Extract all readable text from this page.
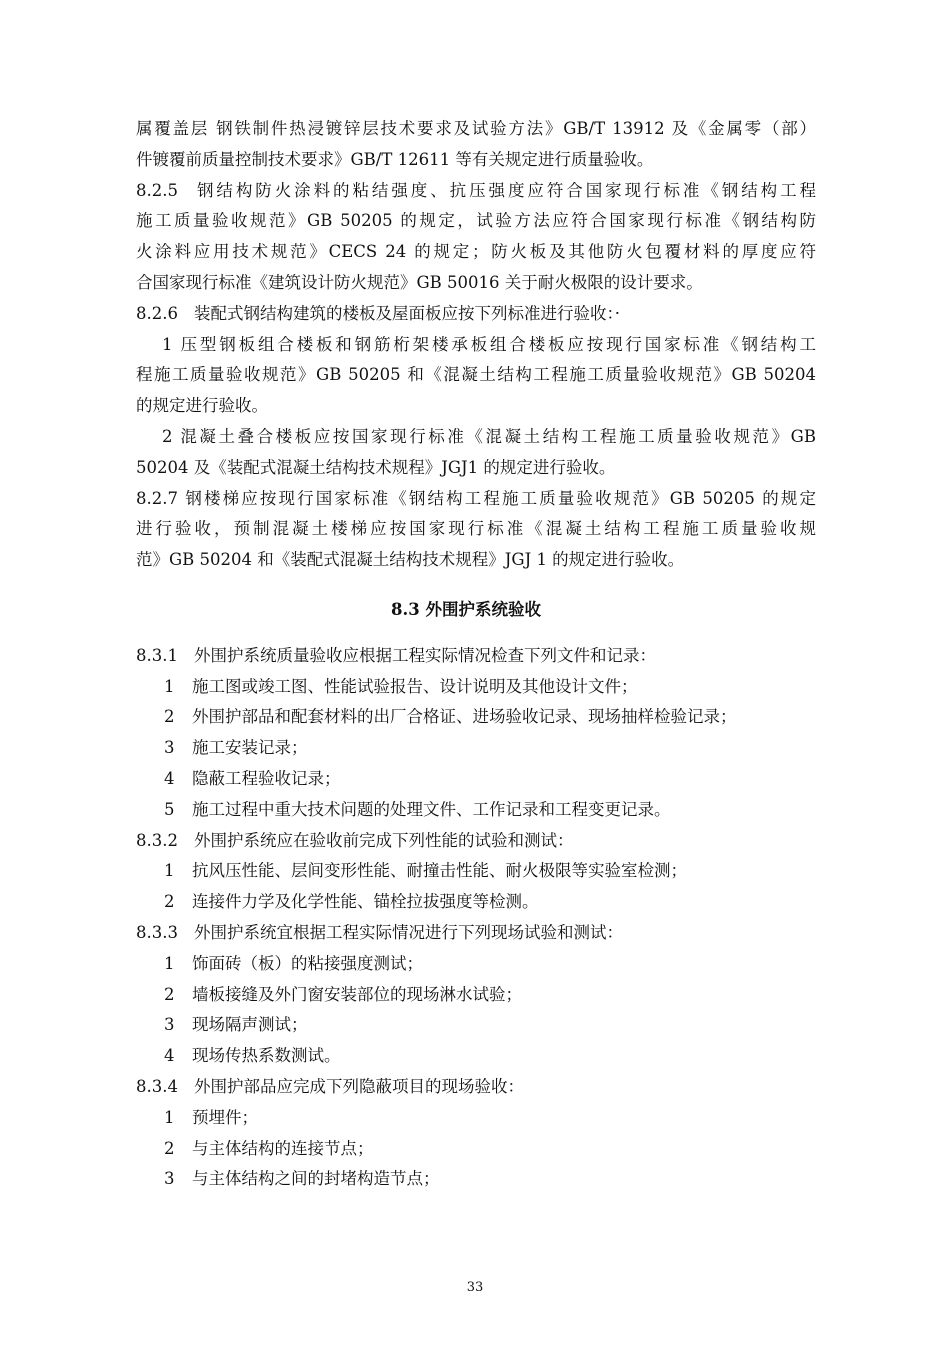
属覆盖层 钢铁制件热浸镀锌层技术要求及试验方法》GB/T 13912 及《金属零（部）
件镀覆前质量控制技术要求》GB/T 12611 等有关规定进行质量验收。
8.2.5 钢结构防火涂料的粘结强度、抗压强度应符合国家现行标准《钢结构工程
施工质量验收规范》GB 50205 的规定，试验方法应符合国家现行标准《钢结构防
火涂料应用技术规范》CECS 24 的规定；防火板及其他防火包覆材料的厚度应符
合国家现行标准《建筑设计防火规范》GB 50016 关于耐火极限的设计要求。
8.2.6 装配式钢结构建筑的楼板及屋面板应按下列标准进行验收：·
1 压型钢板组合楼板和钢筋桁架楼承板组合楼板应按现行国家标准《钢结构工
程施工质量验收规范》GB 50205 和《混凝土结构工程施工质量验收规范》GB 50204
的规定进行验收。
2 混凝土叠合楼板应按国家现行标准《混凝土结构工程施工质量验收规范》GB
50204 及《装配式混凝土结构技术规程》JGJ1 的规定进行验收。
8.2.7 钢楼梯应按现行国家标准《钢结构工程施工质量验收规范》GB 50205 的规定
进行验收，预制混凝土楼梯应按国家现行标准《混凝土结构工程施工质量验收规
范》GB 50204 和《装配式混凝土结构技术规程》JGJ 1 的规定进行验收。
8.3 外围护系统验收
8.3.1 外围护系统质量验收应根据工程实际情况检查下列文件和记录：
1 施工图或竣工图、性能试验报告、设计说明及其他设计文件；
2 外围护部品和配套材料的出厂合格证、进场验收记录、现场抽样检验记录；
3 施工安装记录；
4 隐蔽工程验收记录；
5 施工过程中重大技术问题的处理文件、工作记录和工程变更记录。
8.3.2 外围护系统应在验收前完成下列性能的试验和测试：
1 抗风压性能、层间变形性能、耐撞击性能、耐火极限等实验室检测；
2 连接件力学及化学性能、锚栓拉拔强度等检测。
8.3.3 外围护系统宜根据工程实际情况进行下列现场试验和测试：
1 饰面砖（板）的粘接强度测试；
2 墙板接缝及外门窗安装部位的现场淋水试验；
3 现场隔声测试；
4 现场传热系数测试。
8.3.4 外围护部品应完成下列隐蔽项目的现场验收：
1 预埋件；
2 与主体结构的连接节点；
3 与主体结构之间的封堵构造节点；
33
